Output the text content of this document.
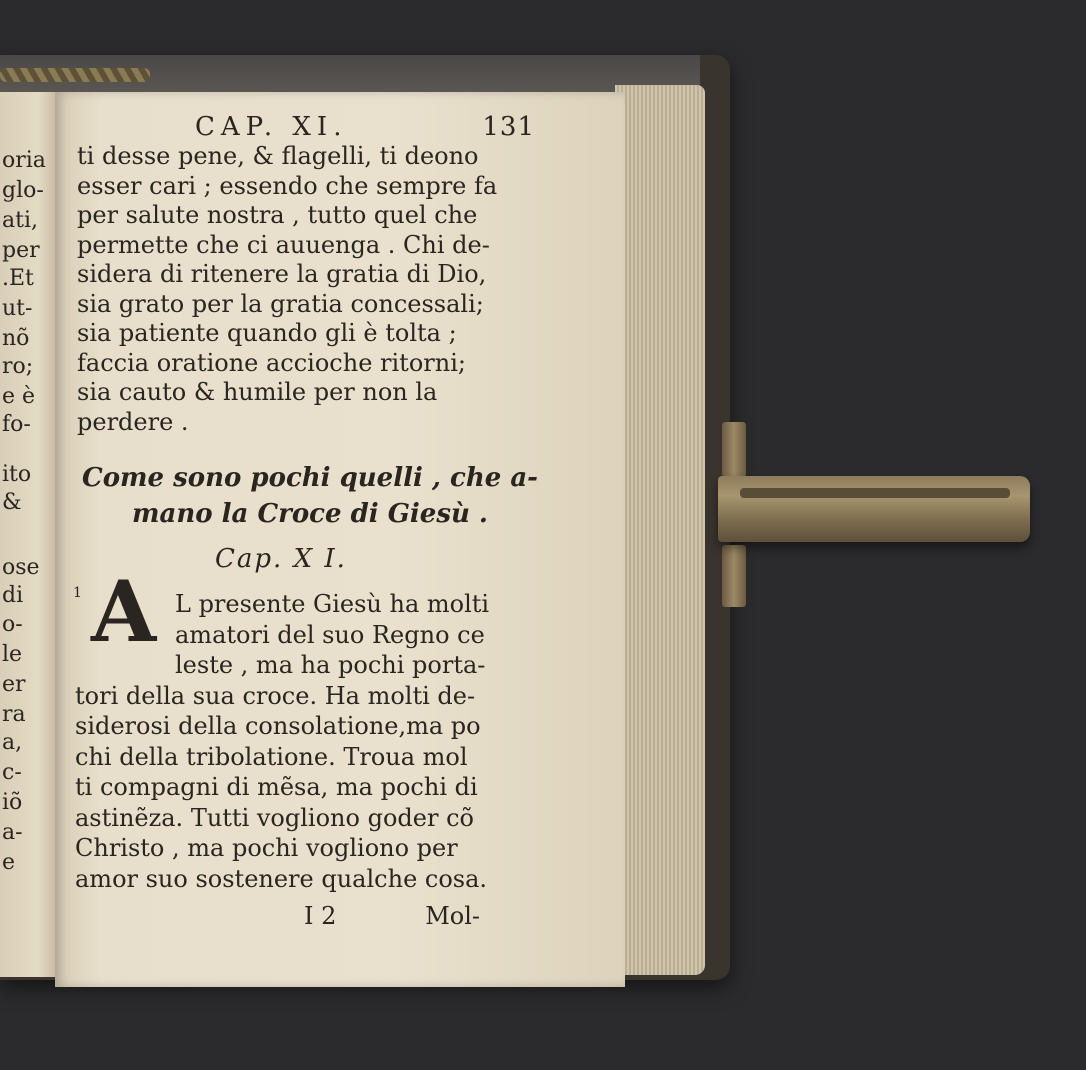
oria
glo-
ati,
per
.Et
ut-
nõ
ro;
e è
fo-
ito
&
ose
di
o-
le
er
ra
a,
c-
iõ
a-
e
CAP. XI.	131
ti desse pene, & flagelli, ti deono
esser cari ; essendo che sempre fa
per salute nostra , tutto quel che
permette che ci auuenga . Chi de-
sidera di ritenere la gratia di Dio,
sia grato per la gratia concessali;
sia patiente quando gli è tolta ;
faccia oratione accioche ritorni;
sia cauto & humile per non la
perdere .
Come sono pochi quelli , che a-
mano la Croce di Giesù .
Cap. X I.
1 A L presente Giesù ha molti
amatori del suo Regno ce
leste , ma ha pochi porta-
tori della sua croce. Ha molti de-
siderosi della consolatione,ma po
chi della tribolatione. Troua mol
ti compagni di mẽsa, ma pochi di
astinẽza. Tutti vogliono goder cõ
Christo , ma pochi vogliono per
amor suo sostenere qualche cosa.
I 2	Mol-
